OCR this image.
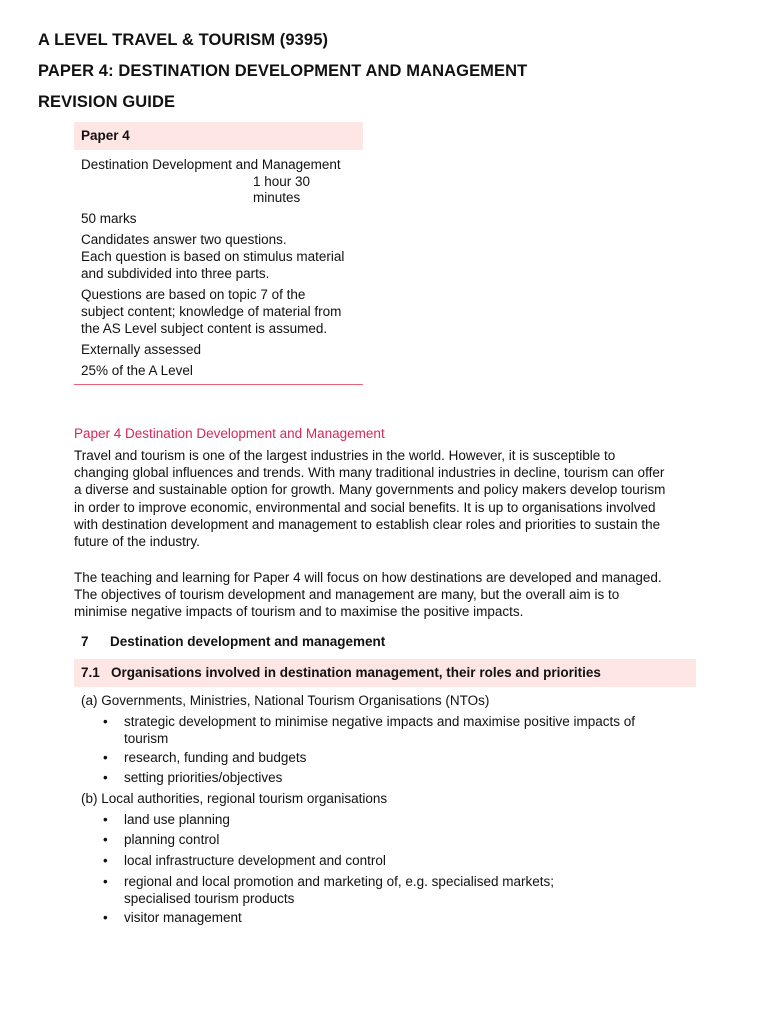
A LEVEL TRAVEL & TOURISM (9395)
PAPER 4: DESTINATION DEVELOPMENT AND MANAGEMENT
REVISION GUIDE
Paper 4
Destination Development and Management
1 hour 30
minutes
50 marks
Candidates answer two questions.
Each question is based on stimulus material
and subdivided into three parts.
Questions are based on topic 7 of the
subject content; knowledge of material from
the AS Level subject content is assumed.
Externally assessed
25% of the A Level
Paper 4 Destination Development and Management
Travel and tourism is one of the largest industries in the world. However, it is susceptible to
changing global influences and trends. With many traditional industries in decline, tourism can offer
a diverse and sustainable option for growth. Many governments and policy makers develop tourism
in order to improve economic, environmental and social benefits. It is up to organisations involved
with destination development and management to establish clear roles and priorities to sustain the
future of the industry.
The teaching and learning for Paper 4 will focus on how destinations are developed and managed.
The objectives of tourism development and management are many, but the overall aim is to
minimise negative impacts of tourism and to maximise the positive impacts.
7 Destination development and management
7.1 Organisations involved in destination management, their roles and priorities
(a) Governments, Ministries, National Tourism Organisations (NTOs)
• strategic development to minimise negative impacts and maximise positive impacts of
tourism
• research, funding and budgets
• setting priorities/objectives
(b) Local authorities, regional tourism organisations
• land use planning
• planning control
• local infrastructure development and control
• regional and local promotion and marketing of, e.g. specialised markets;
specialised tourism products
• visitor management
